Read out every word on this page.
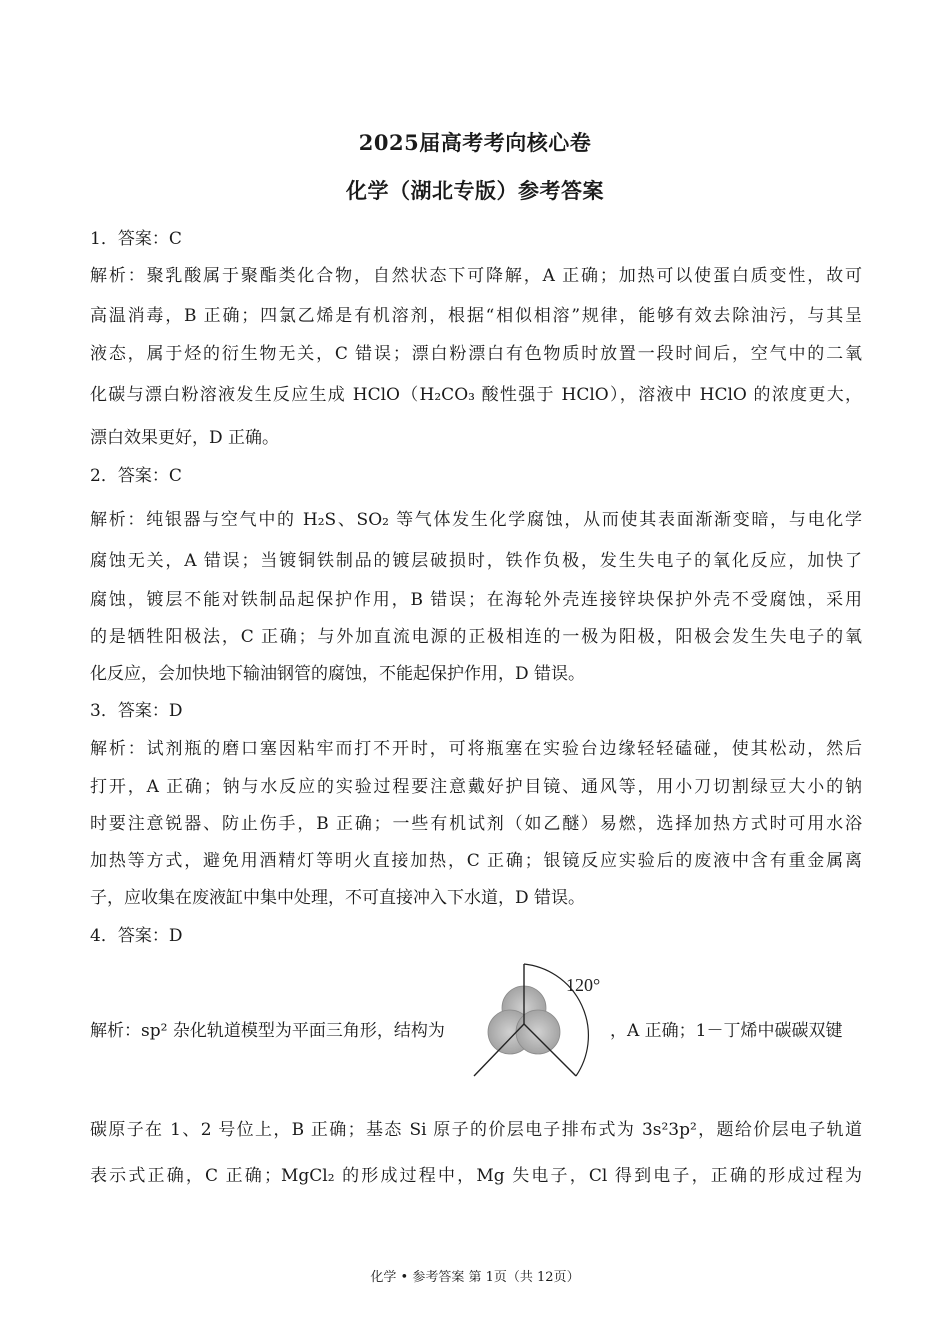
2025届高考考向核心卷
化学（湖北专版）参考答案
1．答案：C
解析：聚乳酸属于聚酯类化合物，自然状态下可降解，A 正确；加热可以使蛋白质变性，故可
高温消毒，B 正确；四氯乙烯是有机溶剂，根据“相似相溶”规律，能够有效去除油污，与其呈
液态，属于烃的衍生物无关，C 错误；漂白粉漂白有色物质时放置一段时间后，空气中的二氧
化碳与漂白粉溶液发生反应生成 HClO（H₂CO₃ 酸性强于 HClO），溶液中 HClO 的浓度更大，
漂白效果更好，D 正确。
2．答案：C
解析：纯银器与空气中的 H₂S、SO₂ 等气体发生化学腐蚀，从而使其表面渐渐变暗，与电化学
腐蚀无关，A 错误；当镀铜铁制品的镀层破损时，铁作负极，发生失电子的氧化反应，加快了
腐蚀，镀层不能对铁制品起保护作用，B 错误；在海轮外壳连接锌块保护外壳不受腐蚀，采用
的是牺牲阳极法，C 正确；与外加直流电源的正极相连的一极为阳极，阳极会发生失电子的氧
化反应，会加快地下输油钢管的腐蚀，不能起保护作用，D 错误。
3．答案：D
解析：试剂瓶的磨口塞因粘牢而打不开时，可将瓶塞在实验台边缘轻轻磕碰，使其松动，然后
打开，A 正确；钠与水反应的实验过程要注意戴好护目镜、通风等，用小刀切割绿豆大小的钠
时要注意锐器、防止伤手，B 正确；一些有机试剂（如乙醚）易燃，选择加热方式时可用水浴
加热等方式，避免用酒精灯等明火直接加热，C 正确；银镜反应实验后的废液中含有重金属离
子，应收集在废液缸中集中处理，不可直接冲入下水道，D 错误。
4．答案：D
解析：sp² 杂化轨道模型为平面三角形，结构为
120°
，A 正确；1－丁烯中碳碳双键
碳原子在 1、2 号位上，B 正确；基态 Si 原子的价层电子排布式为 3s²3p²，题给价层电子轨道
表示式正确，C 正确；MgCl₂ 的形成过程中，Mg 失电子，Cl 得到电子，正确的形成过程为
化学 • 参考答案 第 1页（共 12页）
